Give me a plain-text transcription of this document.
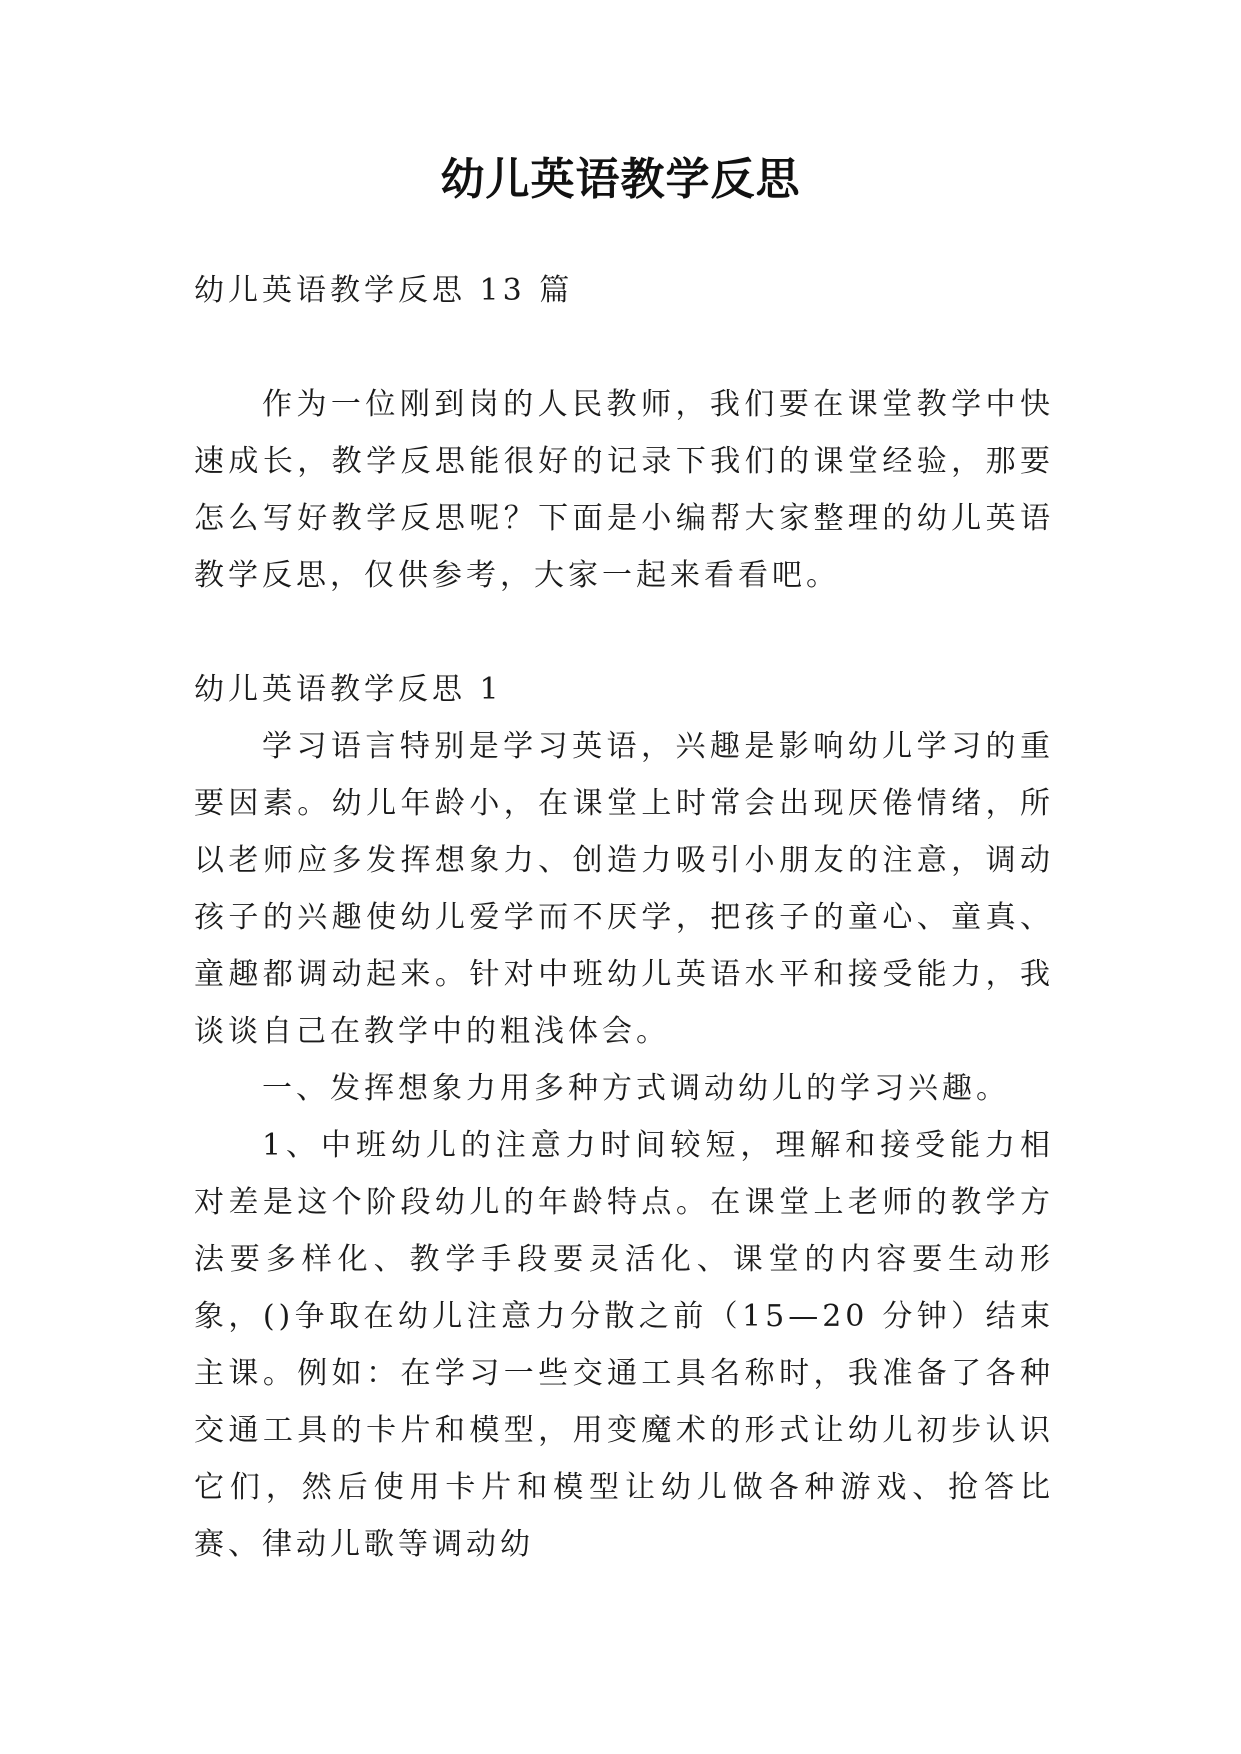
幼儿英语教学反思

幼儿英语教学反思 13 篇

作为一位刚到岗的人民教师，我们要在课堂教学中快速成长，教学反思能很好的记录下我们的课堂经验，那要怎么写好教学反思呢？下面是小编帮大家整理的幼儿英语教学反思，仅供参考，大家一起来看看吧。

幼儿英语教学反思 1

学习语言特别是学习英语，兴趣是影响幼儿学习的重要因素。幼儿年龄小，在课堂上时常会出现厌倦情绪，所以老师应多发挥想象力、创造力吸引小朋友的注意，调动孩子的兴趣使幼儿爱学而不厌学，把孩子的童心、童真、童趣都调动起来。针对中班幼儿英语水平和接受能力，我谈谈自己在教学中的粗浅体会。

一、发挥想象力用多种方式调动幼儿的学习兴趣。

1、中班幼儿的注意力时间较短，理解和接受能力相对差是这个阶段幼儿的年龄特点。在课堂上老师的教学方法要多样化、教学手段要灵活化、课堂的内容要生动形象，()争取在幼儿注意力分散之前（15—20 分钟）结束主课。例如：在学习一些交通工具名称时，我准备了各种交通工具的卡片和模型，用变魔术的形式让幼儿初步认识它们，然后使用卡片和模型让幼儿做各种游戏、抢答比赛、律动儿歌等调动幼
